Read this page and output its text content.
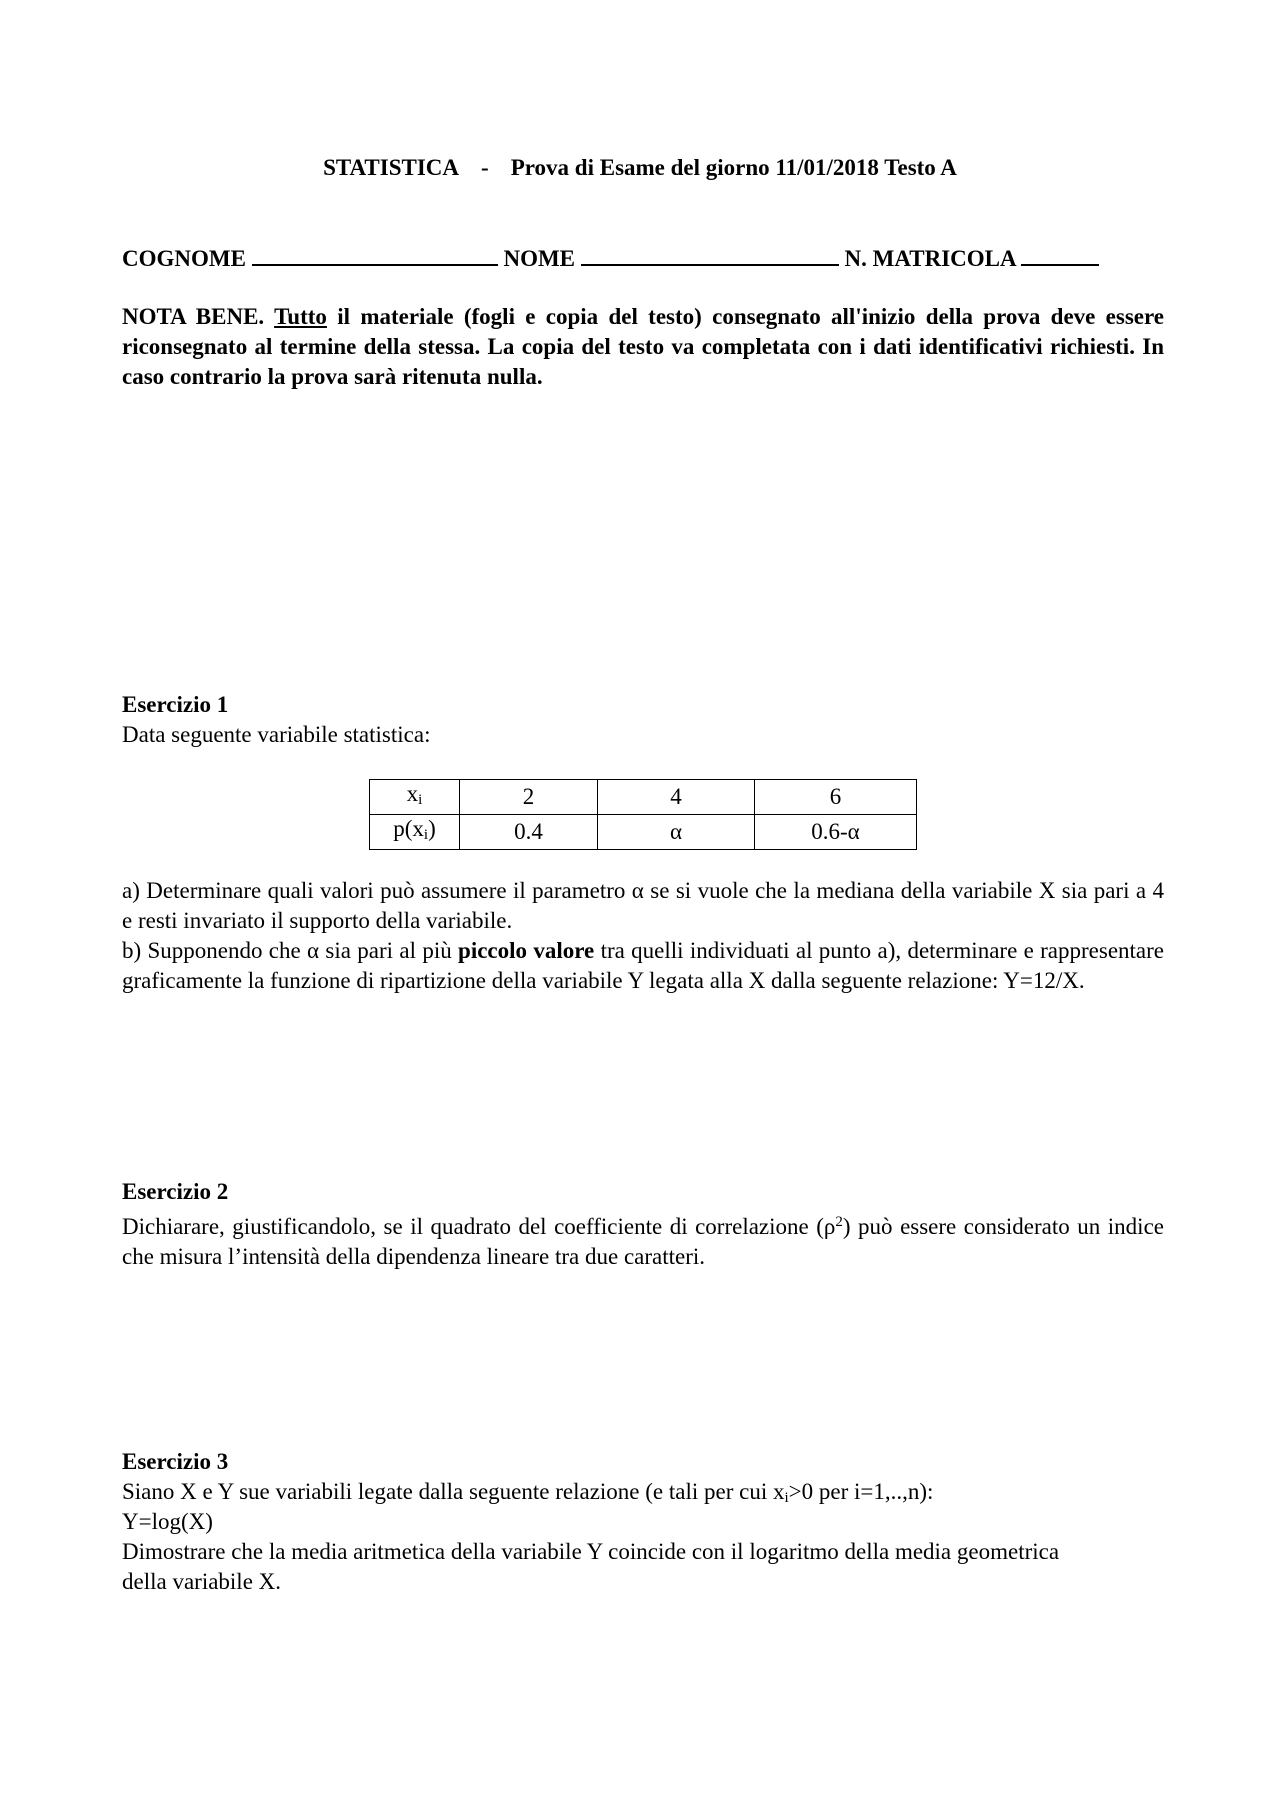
STATISTICA - Prova di Esame del giorno 11/01/2018 Testo A
COGNOME	NOME	N. MATRICOLA
NOTA BENE. Tutto il materiale (fogli e copia del testo) consegnato all'inizio della prova deve essere riconsegnato al termine della stessa. La copia del testo va completata con i dati identificativi richiesti. In caso contrario la prova sarà ritenuta nulla.
Esercizio 1
Data seguente variabile statistica:
$x_i$	2	4	6
$p(x_i)$	0.4	α	0.6-α
a) Determinare quali valori può assumere il parametro α se si vuole che la mediana della variabile X sia pari a 4 e resti invariato il supporto della variabile.
b) Supponendo che α sia pari al più piccolo valore tra quelli individuati al punto a), determinare e rappresentare graficamente la funzione di ripartizione della variabile Y legata alla X dalla seguente relazione: Y=12/X.
Esercizio 2
Dichiarare, giustificandolo, se il quadrato del coefficiente di correlazione $(\rho^2)$ può essere considerato un indice che misura l’intensità della dipendenza lineare tra due caratteri.
Esercizio 3
Siano X e Y sue variabili legate dalla seguente relazione (e tali per cui $x_i>0$ per i=1,..,n):
Y=log(X)
Dimostrare che la media aritmetica della variabile Y coincide con il logaritmo della media geometrica della variabile X.
